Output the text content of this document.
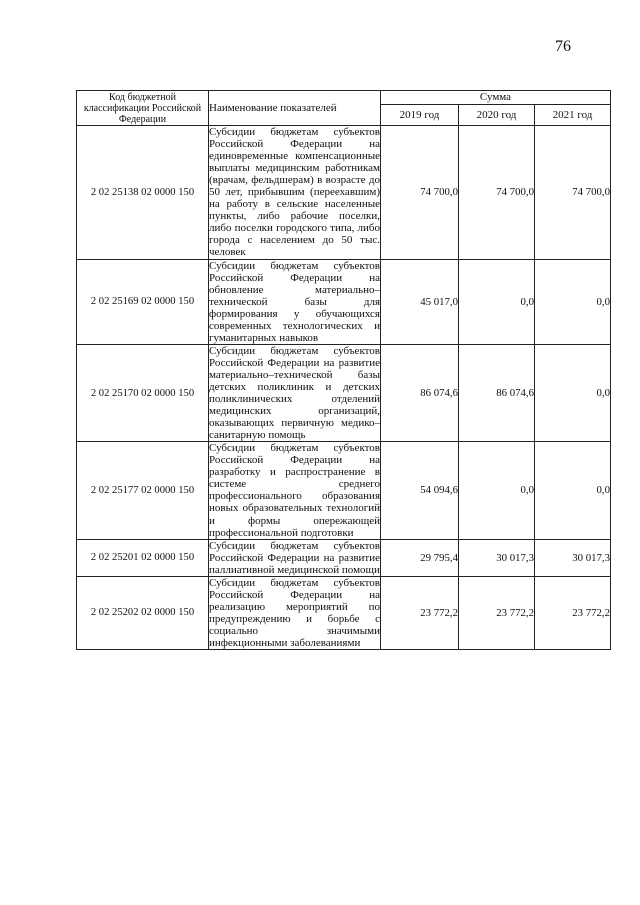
76
Код бюджетной классификации Российской Федерации	Наименование показателей	Сумма		
		2019 год	2020 год	2021 год
2 02 25138 02 0000 150	Субсидии бюджетам субъектов Российской Федерации на единовременные компенсационные выплаты медицинским работникам (врачам, фельдшерам) в возрасте до 50 лет, прибывшим (переехавшим) на работу в сельские населенные пункты, либо рабочие поселки, либо поселки городского типа, либо города с населением до 50 тыс. человек	74 700,0	74 700,0	74 700,0
2 02 25169 02 0000 150	Субсидии бюджетам субъектов Российской Федерации на обновление материально–технической базы для формирования у обучающихся современных технологических и гуманитарных навыков	45 017,0	0,0	0,0
2 02 25170 02 0000 150	Субсидии бюджетам субъектов Российской Федерации на развитие материально–технической базы детских поликлиник и детских поликлинических отделений медицинских организаций, оказывающих первичную медико–санитарную помощь	86 074,6	86 074,6	0,0
2 02 25177 02 0000 150	Субсидии бюджетам субъектов Российской Федерации на разработку и распространение в системе среднего профессионального образования новых образовательных технологий и формы опережающей профессиональной подготовки	54 094,6	0,0	0,0
2 02 25201 02 0000 150	Субсидии бюджетам субъектов Российской Федерации на развитие паллиативной медицинской помощи	29 795,4	30 017,3	30 017,3
2 02 25202 02 0000 150	Субсидии бюджетам субъектов Российской Федерации на реализацию мероприятий по предупреждению и борьбе с социально значимыми инфекционными заболеваниями	23 772,2	23 772,2	23 772,2
